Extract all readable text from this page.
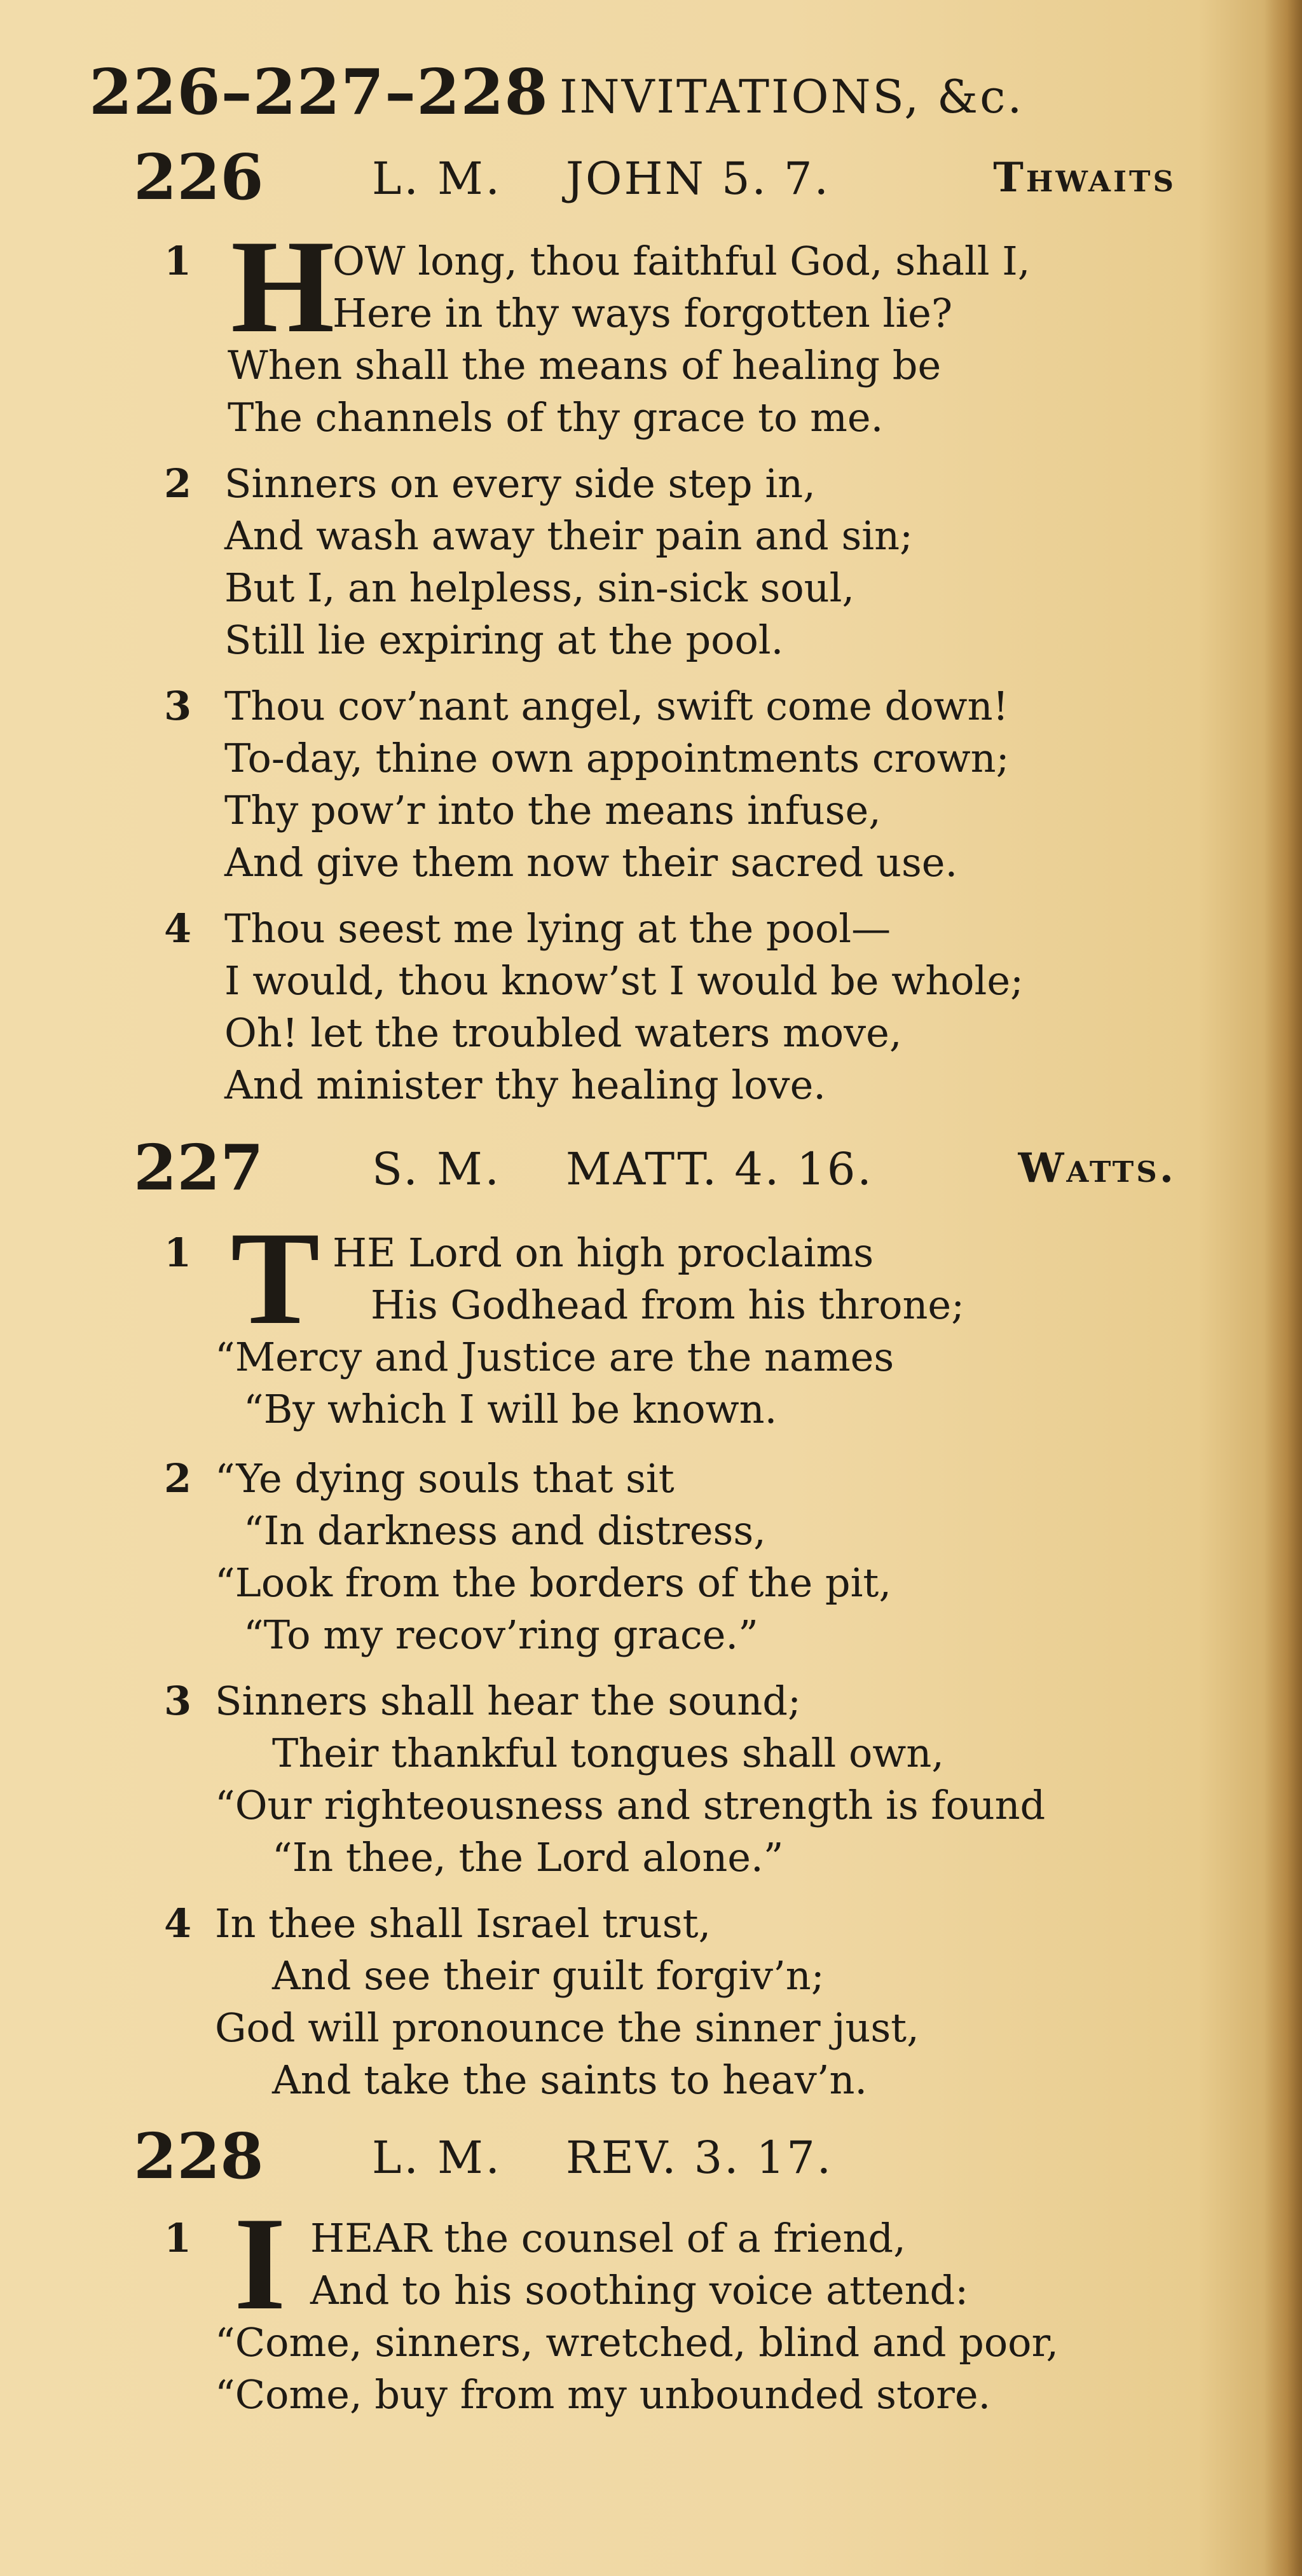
226–227–228 INVITATIONS, &c.
226 L. M. JOHN 5. 7.	Thwaits
1 H
OW long, thou faithful God, shall I,
Here in thy ways forgotten lie?
When shall the means of healing be
The channels of thy grace to me.
2 Sinners on every side step in,
And wash away their pain and sin;
But I, an helpless, sin-sick soul,
Still lie expiring at the pool.
3 Thou cov’nant angel, swift come down!
To-day, thine own appointments crown;
Thy pow’r into the means infuse,
And give them now their sacred use.
4 Thou seest me lying at the pool—
I would, thou know’st I would be whole;
Oh! let the troubled waters move,
And minister thy healing love.
227 S. M. MATT. 4. 16.	Watts.
1 T HE Lord on high proclaims
His Godhead from his throne;
“Mercy and Justice are the names
“By which I will be known.
2 “Ye dying souls that sit
“In darkness and distress,
“Look from the borders of the pit,
“To my recov’ring grace.”
3 Sinners shall hear the sound;
Their thankful tongues shall own,
“Our righteousness and strength is found
“In thee, the Lord alone.”
4 In thee shall Israel trust,
And see their guilt forgiv’n;
God will pronounce the sinner just,
And take the saints to heav’n.
228 L. M. REV. 3. 17.
1 I HEAR the counsel of a friend,
And to his soothing voice attend:
“Come, sinners, wretched, blind and poor,
“Come, buy from my unbounded store.
